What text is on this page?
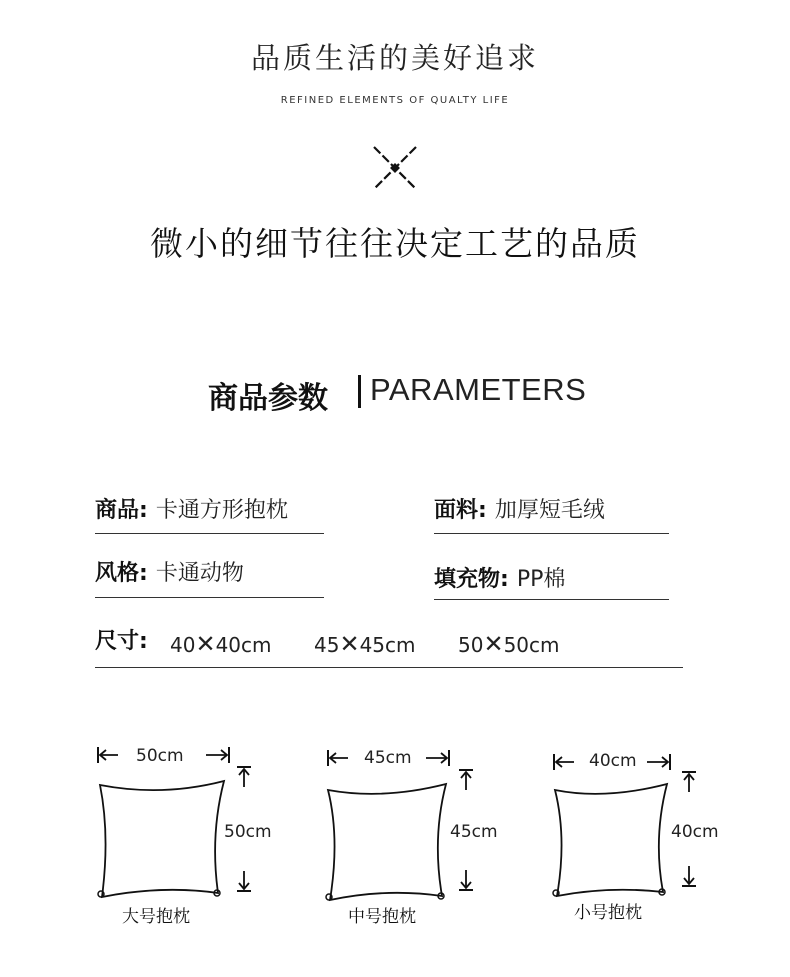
品质生活的美好追求
REFINED ELEMENTS OF QUALTY LIFE
微小的细节往往决定工艺的品质
商品参数 PARAMETERS
商品: 卡通方形抱枕	面料: 加厚短毛绒
风格: 卡通动物	填充物: PP棉
尺寸: 40✕40cm 45✕45cm 50✕50cm
50cm
50cm
大号抱枕
45cm
45cm
中号抱枕
40cm
40cm
小号抱枕
